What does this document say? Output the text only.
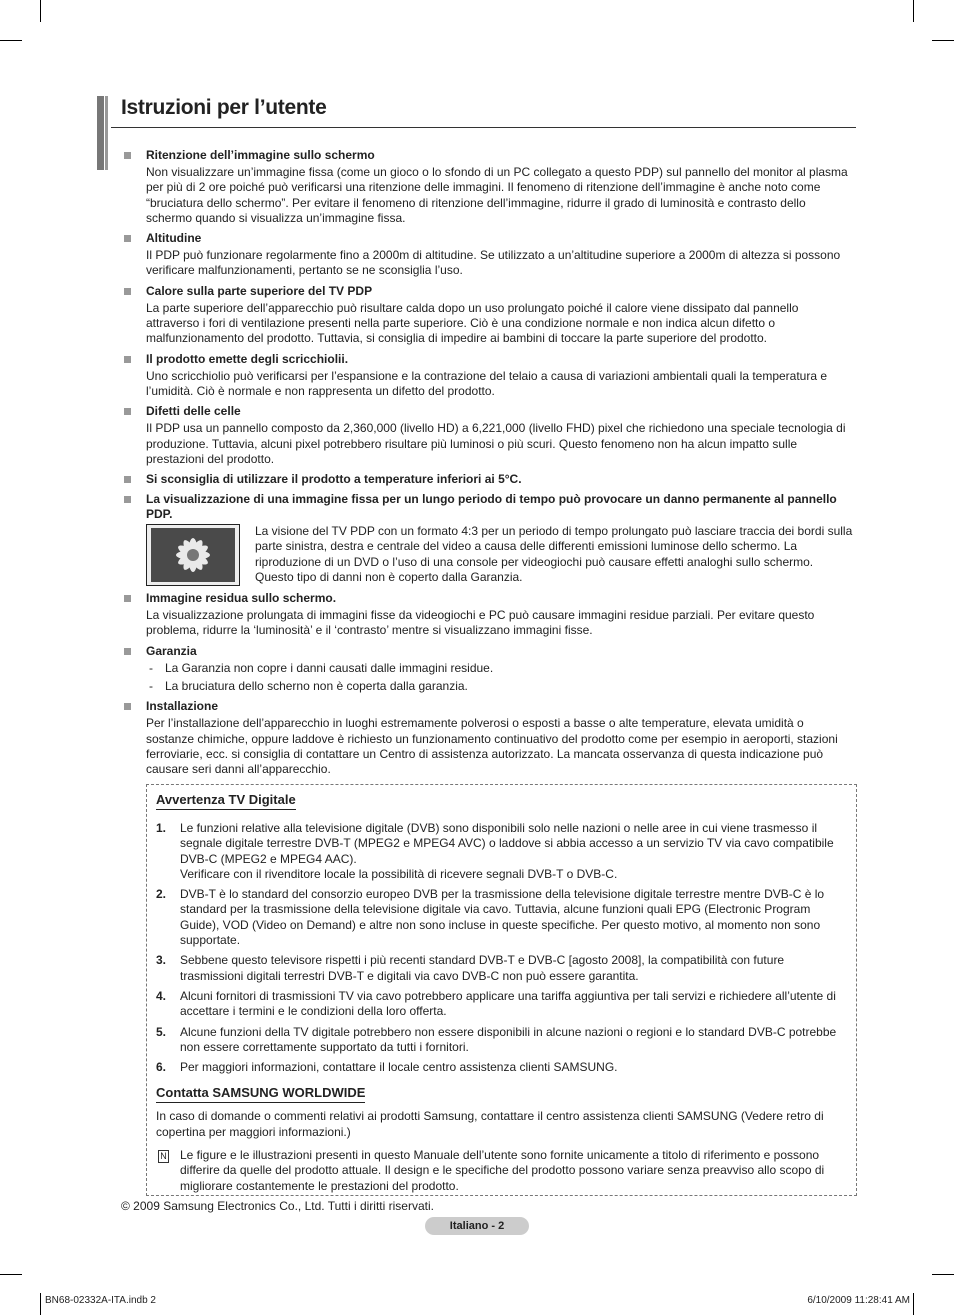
Istruzioni per l’utente
Ritenzione dell’immagine sullo schermo

Non visualizzare un’immagine fissa (come un gioco o lo sfondo di un PC collegato a questo PDP) sul pannello del monitor al plasma per più di 2 ore poiché può verificarsi una ritenzione delle immagini. Il fenomeno di ritenzione dell’immagine è anche noto come “bruciatura dello schermo”. Per evitare il fenomeno di ritenzione dell’immagine, ridurre il grado di luminosità e contrasto dello schermo quando si visualizza un’immagine fissa.

Altitudine

Il PDP può funzionare regolarmente fino a 2000m di altitudine. Se utilizzato a un’altitudine superiore a 2000m di altezza si possono verificare malfunzionamenti, pertanto se ne sconsiglia l’uso.

Calore sulla parte superiore del TV PDP

La parte superiore dell’apparecchio può risultare calda dopo un uso prolungato poiché il calore viene dissipato dal pannello attraverso i fori di ventilazione presenti nella parte superiore. Ciò è una condizione normale e non indica alcun difetto o malfunzionamento del prodotto. Tuttavia, si consiglia di impedire ai bambini di toccare la parte superiore del prodotto.

Il prodotto emette degli scricchiolii.

Uno scricchiolio può verificarsi per l’espansione e la contrazione del telaio a causa di variazioni ambientali quali la temperatura e l’umidità. Ciò è normale e non rappresenta un difetto del prodotto.

Difetti delle celle

Il PDP usa un pannello composto da 2,360,000 (livello HD) a 6,221,000 (livello FHD) pixel che richiedono una speciale tecnologia di produzione. Tuttavia, alcuni pixel potrebbero risultare più luminosi o più scuri. Questo fenomeno non ha alcun impatto sulle prestazioni del prodotto.

Si sconsiglia di utilizzare il prodotto a temperature inferiori ai 5°C.
La visualizzazione di una immagine fissa per un lungo periodo di tempo può provocare un danno permanente al pannello PDP.

La visione del TV PDP con un formato 4:3 per un periodo di tempo prolungato può lasciare traccia dei bordi sulla parte sinistra, destra e centrale del video a causa delle differenti emissioni luminose dello schermo. La riproduzione di un DVD o l’uso di una console per videogiochi può causare effetti analoghi sullo schermo. Questo tipo di danni non è coperto dalla Garanzia.

Immagine residua sullo schermo.

La visualizzazione prolungata di immagini fisse da videogiochi e PC può causare immagini residue parziali. Per evitare questo problema, ridurre la ‘luminosità’ e il ‘contrasto’ mentre si visualizzano immagini fisse.

Garanzia
- La Garanzia non copre i danni causati dalle immagini residue.
- La bruciatura dello scherno non è coperta dalla garanzia.
Installazione

Per l’installazione dell’apparecchio in luoghi estremamente polverosi o esposti a basse o alte temperature, elevata umidità o sostanze chimiche, oppure laddove è richiesto un funzionamento continuativo del prodotto come per esempio in aeroporti, stazioni ferroviarie, ecc. si consiglia di contattare un Centro di assistenza autorizzato. La mancata osservanza di questa indicazione può causare seri danni all’apparecchio.

Avvertenza TV Digitale
1. Le funzioni relative alla televisione digitale (DVB) sono disponibili solo nelle nazioni o nelle aree in cui viene trasmesso il segnale digitale terrestre DVB-T (MPEG2 e MPEG4 AVC) o laddove si abbia accesso a un servizio TV via cavo compatibile DVB-C (MPEG2 e MPEG4 AAC).
Verificare con il rivenditore locale la possibilità di ricevere segnali DVB-T o DVB-C.
2. DVB-T è lo standard del consorzio europeo DVB per la trasmissione della televisione digitale terrestre mentre DVB-C è lo standard per la trasmissione della televisione digitale via cavo. Tuttavia, alcune funzioni quali EPG (Electronic Program Guide), VOD (Video on Demand) e altre non sono incluse in queste specifiche. Per questo motivo, al momento non sono supportate.
3. Sebbene questo televisore rispetti i più recenti standard DVB-T e DVB-C [agosto 2008], la compatibilità con future trasmissioni digitali terrestri DVB-T e digitali via cavo DVB-C non può essere garantita.
4. Alcuni fornitori di trasmissioni TV via cavo potrebbero applicare una tariffa aggiuntiva per tali servizi e richiedere all’utente di accettare i termini e le condizioni della loro offerta.
5. Alcune funzioni della TV digitale potrebbero non essere disponibili in alcune nazioni o regioni e lo standard DVB-C potrebbe non essere correttamente supportato da tutti i fornitori.
6. Per maggiori informazioni, contattare il locale centro assistenza clienti SAMSUNG.
Contatta SAMSUNG WORLDWIDE

In caso di domande o commenti relativi ai prodotti Samsung, contattare il centro assistenza clienti SAMSUNG (Vedere retro di copertina per maggiori informazioni.)

N Le figure e le illustrazioni presenti in questo Manuale dell’utente sono fornite unicamente a titolo di riferimento e possono differire da quelle del prodotto attuale. Il design e le specifiche del prodotto possono variare senza preavviso allo scopo di migliorare costantemente le prestazioni del prodotto.
© 2009 Samsung Electronics Co., Ltd. Tutti i diritti riservati.
Italiano - 2
BN68-02332A-ITA.indb 2	6/10/2009 11:28:41 AM
